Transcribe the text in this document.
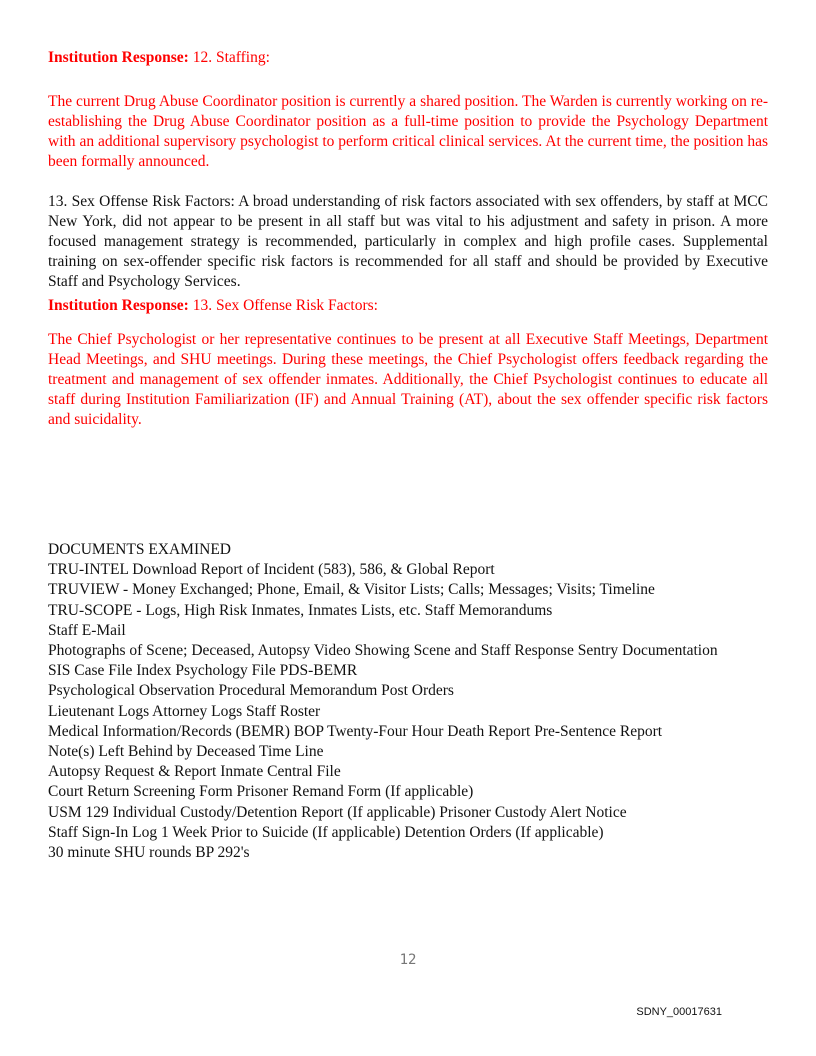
Institution Response: 12. Staffing:

The current Drug Abuse Coordinator position is currently a shared position. The Warden is currently working on re-establishing the Drug Abuse Coordinator position as a full-time position to provide the Psychology Department with an additional supervisory psychologist to perform critical clinical services. At the current time, the position has been formally announced.

13. Sex Offense Risk Factors: A broad understanding of risk factors associated with sex offenders, by staff at MCC New York, did not appear to be present in all staff but was vital to his adjustment and safety in prison. A more focused management strategy is recommended, particularly in complex and high profile cases. Supplemental training on sex-offender specific risk factors is recommended for all staff and should be provided by Executive Staff and Psychology Services.

Institution Response: 13. Sex Offense Risk Factors:

The Chief Psychologist or her representative continues to be present at all Executive Staff Meetings, Department Head Meetings, and SHU meetings. During these meetings, the Chief Psychologist offers feedback regarding the treatment and management of sex offender inmates. Additionally, the Chief Psychologist continues to educate all staff during Institution Familiarization (IF) and Annual Training (AT), about the sex offender specific risk factors and suicidality.

DOCUMENTS EXAMINED
TRU-INTEL Download Report of Incident (583), 586, & Global Report
TRUVIEW - Money Exchanged; Phone, Email, & Visitor Lists; Calls; Messages; Visits; Timeline
TRU-SCOPE - Logs, High Risk Inmates, Inmates Lists, etc. Staff Memorandums
Staff E-Mail
Photographs of Scene; Deceased, Autopsy Video Showing Scene and Staff Response Sentry Documentation
SIS Case File Index Psychology File PDS-BEMR
Psychological Observation Procedural Memorandum Post Orders
Lieutenant Logs Attorney Logs Staff Roster
Medical Information/Records (BEMR) BOP Twenty-Four Hour Death Report Pre-Sentence Report
Note(s) Left Behind by Deceased Time Line
Autopsy Request & Report Inmate Central File
Court Return Screening Form Prisoner Remand Form (If applicable)
USM 129 Individual Custody/Detention Report (If applicable) Prisoner Custody Alert Notice
Staff Sign-In Log 1 Week Prior to Suicide (If applicable) Detention Orders (If applicable)
30 minute SHU rounds BP 292's
12
SDNY_00017631
